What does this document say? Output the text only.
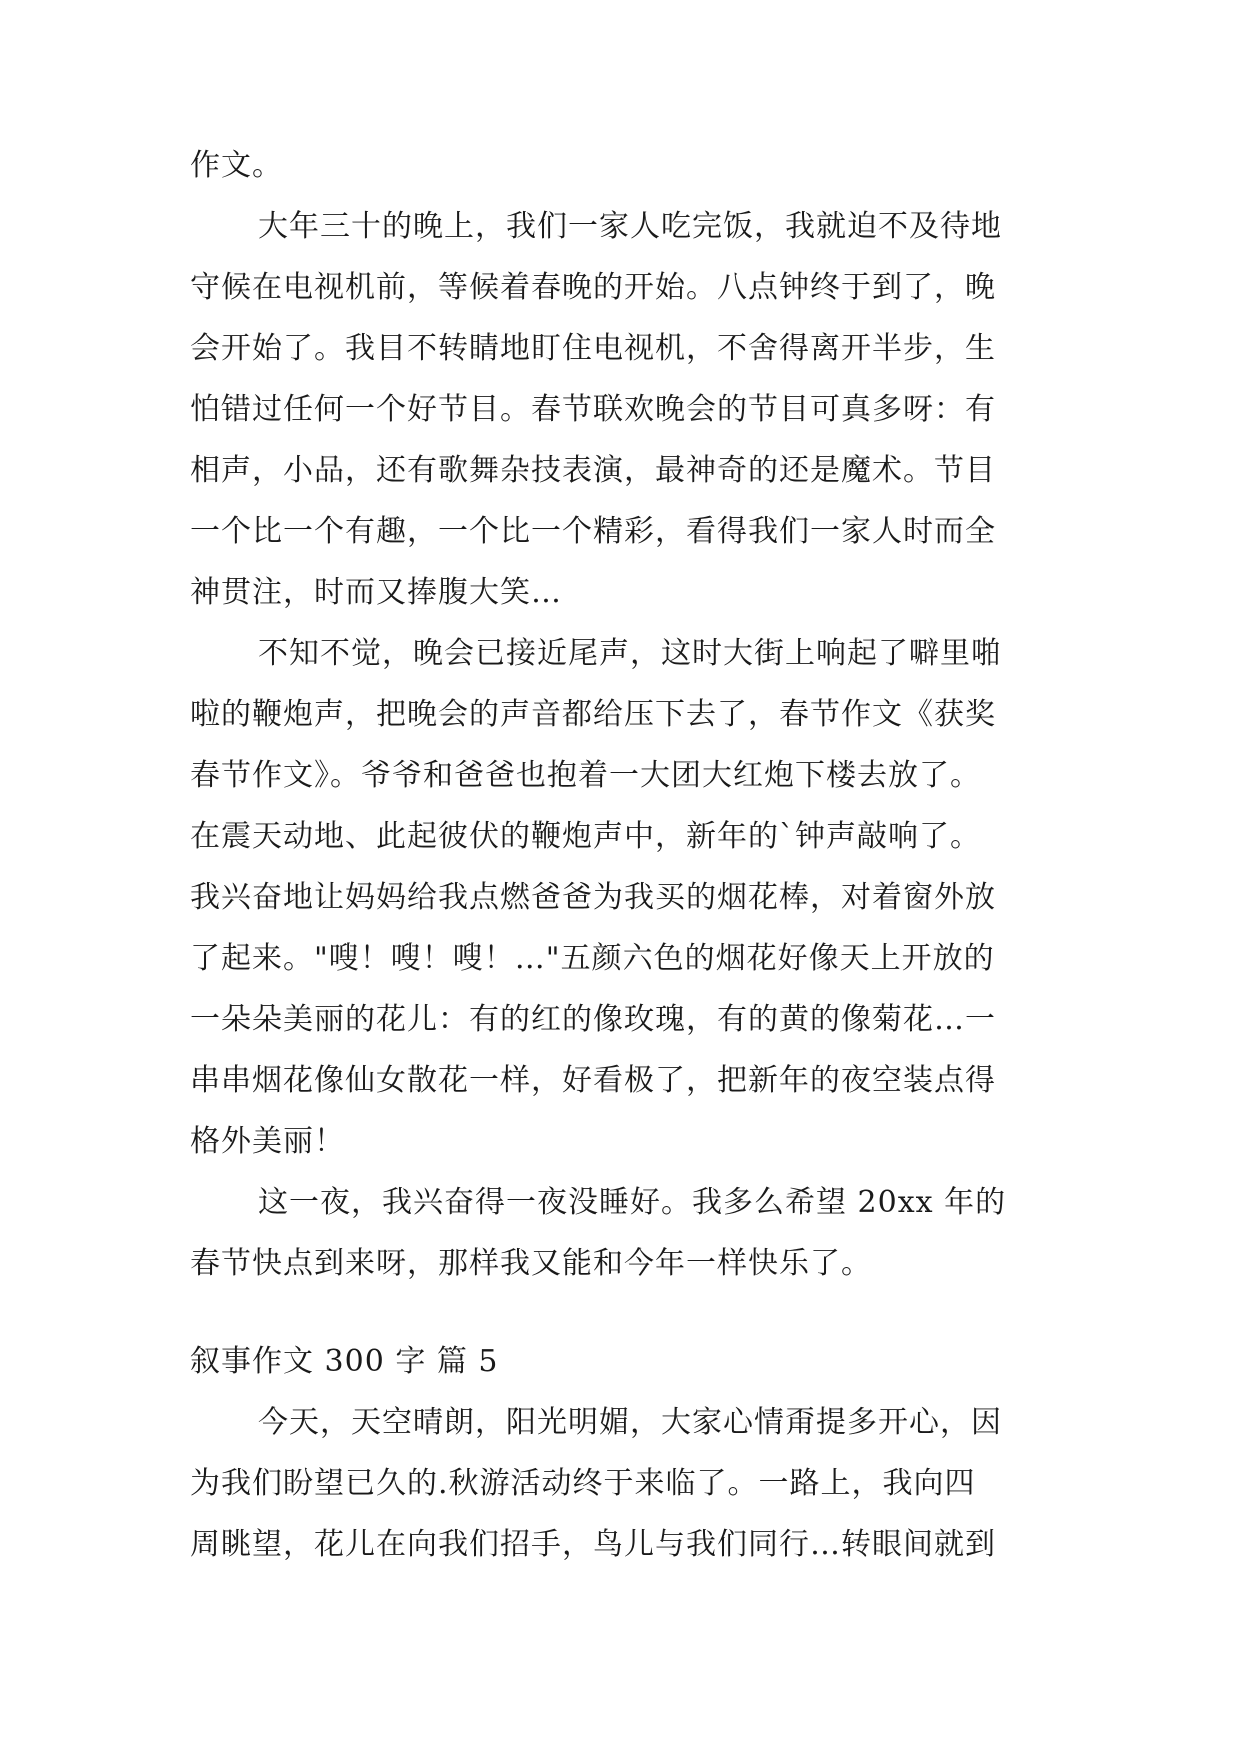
作文。
大年三十的晚上，我们一家人吃完饭，我就迫不及待地
守候在电视机前，等候着春晚的开始。八点钟终于到了，晚
会开始了。我目不转睛地盯住电视机，不舍得离开半步，生
怕错过任何一个好节目。春节联欢晚会的节目可真多呀：有
相声，小品，还有歌舞杂技表演，最神奇的还是魔术。节目
一个比一个有趣，一个比一个精彩，看得我们一家人时而全
神贯注，时而又捧腹大笑…
不知不觉，晚会已接近尾声，这时大街上响起了噼里啪
啦的鞭炮声，把晚会的声音都给压下去了，春节作文《获奖
春节作文》。爷爷和爸爸也抱着一大团大红炮下楼去放了。
在震天动地、此起彼伏的鞭炮声中，新年的`钟声敲响了。
我兴奋地让妈妈给我点燃爸爸为我买的烟花棒，对着窗外放
了起来。"嗖！嗖！嗖！…"五颜六色的烟花好像天上开放的
一朵朵美丽的花儿：有的红的像玫瑰，有的黄的像菊花…一
串串烟花像仙女散花一样，好看极了，把新年的夜空装点得
格外美丽！
这一夜，我兴奋得一夜没睡好。我多么希望 20xx 年的
春节快点到来呀，那样我又能和今年一样快乐了。
叙事作文 300 字 篇 5
今天，天空晴朗，阳光明媚，大家心情甭提多开心，因
为我们盼望已久的.秋游活动终于来临了。一路上，我向四
周眺望，花儿在向我们招手，鸟儿与我们同行…转眼间就到
